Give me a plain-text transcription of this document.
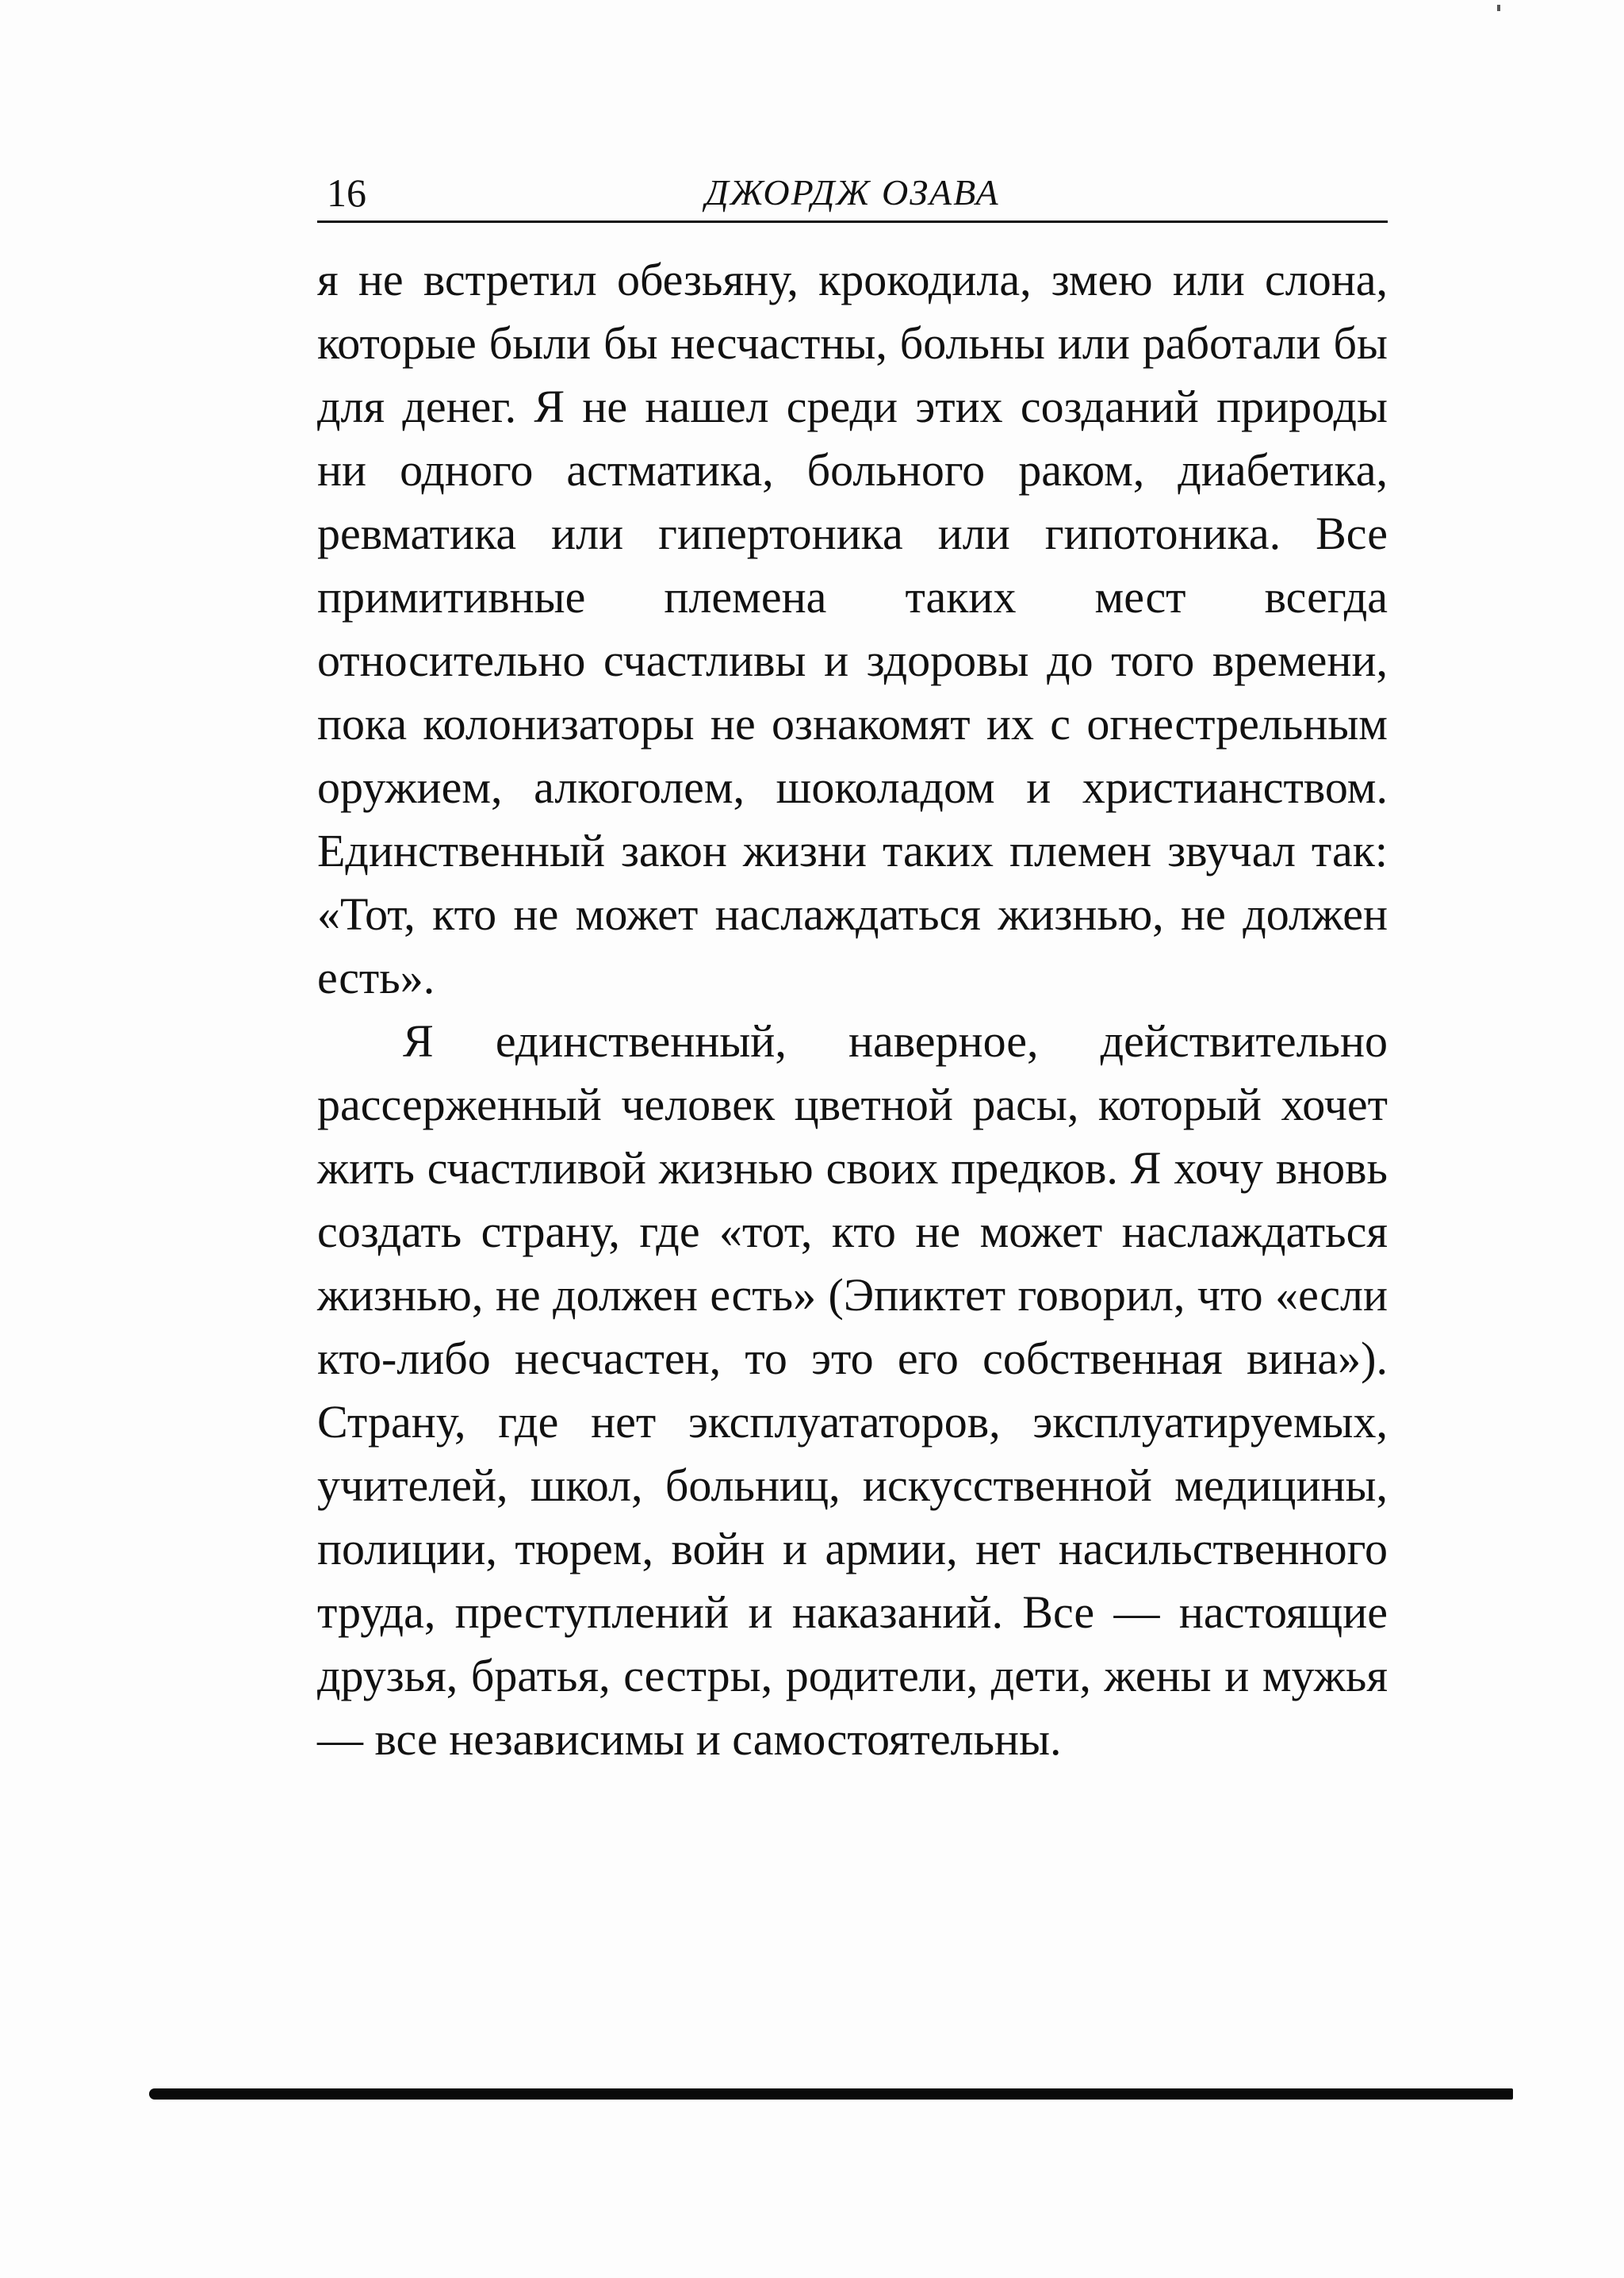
16	ДЖОРДЖ ОЗАВА

я не встретил обезьяну, крокодила, змею или слона, которые были бы несчастны, больны или работали бы для денег. Я не нашел среди этих созданий природы ни одного астматика, больного раком, диабетика, ревматика или гипертоника или гипотоника. Все примитивные племена таких мест всегда относительно счастливы и здоровы до того времени, пока колонизаторы не ознакомят их с огнестрельным оружием, алкоголем, шоколадом и христианством. Единственный закон жизни таких племен звучал так: «Тот, кто не может наслаждаться жизнью, не должен есть».

Я единственный, наверное, действительно рассерженный человек цветной расы, который хочет жить счастливой жизнью своих предков. Я хочу вновь создать страну, где «тот, кто не может наслаждаться жизнью, не должен есть» (Эпиктет говорил, что «если кто-либо несчастен, то это его собственная вина»). Страну, где нет эксплуататоров, эксплуатируемых, учителей, школ, больниц, искусственной медицины, полиции, тюрем, войн и армии, нет насильственного труда, преступлений и наказаний. Все — настоящие друзья, братья, сестры, родители, дети, жены и мужья — все независимы и самостоятельны.
